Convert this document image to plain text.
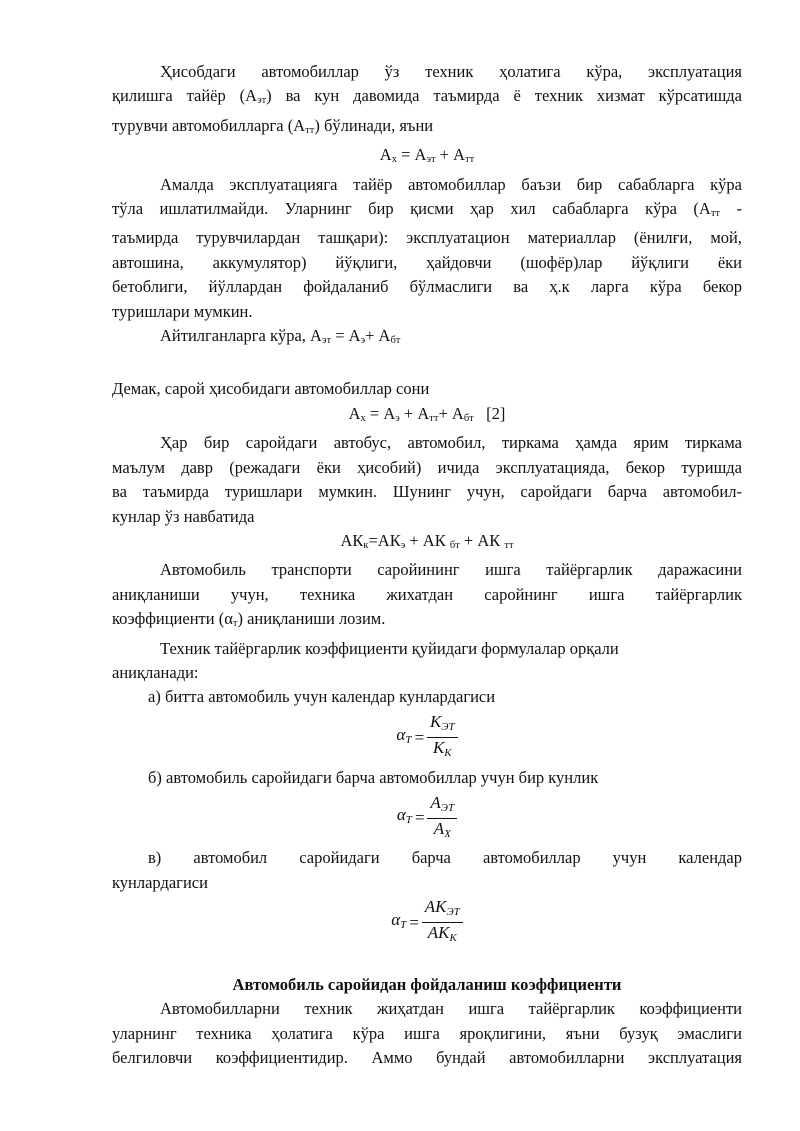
Ҳисобдаги автомобиллар ўз техник ҳолатига кўра, эксплуатация

қилишга тайёр (Аэт) ва кун давомида таъмирда ё техник хизмат кўрсатишда

турувчи автомобилларга (Атт) бўлинади, яъни

Ах = Аэт + Атт

Амалда эксплуатацияга тайёр автомобиллар баъзи бир сабабларга кўра

тўла ишлатилмайди. Уларнинг бир қисми ҳар хил сабабларга кўра (Атт -

таъмирда турувчилардан ташқари): эксплуатацион материаллар (ёнилғи, мой,

автошина, аккумулятор) йўқлиги, ҳайдовчи (шофёр)лар йўқлиги ёки

бетоблиги, йўллардан фойдаланиб бўлмаслиги ва ҳ.к ларга кўра бекор

туришлари мумкин.

Айтилганларга кўра, Аэт = Аэ+ Абт

Демак, сарой ҳисобидаги автомобиллар сони

Ах = Аэ + Атт+ Абт   [2]

Ҳар бир саройдаги автобус, автомобил, тиркама ҳамда ярим тиркама

маълум давр (режадаги ёки ҳисобий) ичида эксплуатацияда, бекор туришда

ва таъмирда туришлари мумкин. Шунинг учун, саройдаги барча автомобил-

кунлар ўз навбатида

АКк=АКэ + АК бт + АК тт

Автомобиль транспорти саройининг ишга тайёргарлик даражасини

аниқланиши учун, техника жихатдан саройнинг ишга тайёргарлик

коэффициенти (αт) аниқланиши лозим.

Техник тайёргарлик коэффициенти қуйидаги формулалар орқали

аниқланади:

а) битта автомобиль учун календар кунлардагиси

$\alpha T = \frac{\text{KЭТ}}{KК}$

б) автомобиль саройидаги барча автомобиллар учун бир кунлик

$\alpha T = \frac{\text{AЭТ}}{AХ}$

в) автомобил саройидаги барча автомобиллар учун календар

кунлардагиси

$\alpha T = \frac{\text{AKЭТ}}{\text{AKК}}$

Автомобиль саройидан фойдаланиш коэффициенти

Автомобилларни техник жиҳатдан ишга тайёргарлик коэффициенти

уларнинг техника ҳолатига кўра ишга яроқлигини, яъни бузуқ эмаслиги

белгиловчи коэффициентидир. Аммо бундай автомобилларни эксплуатация
